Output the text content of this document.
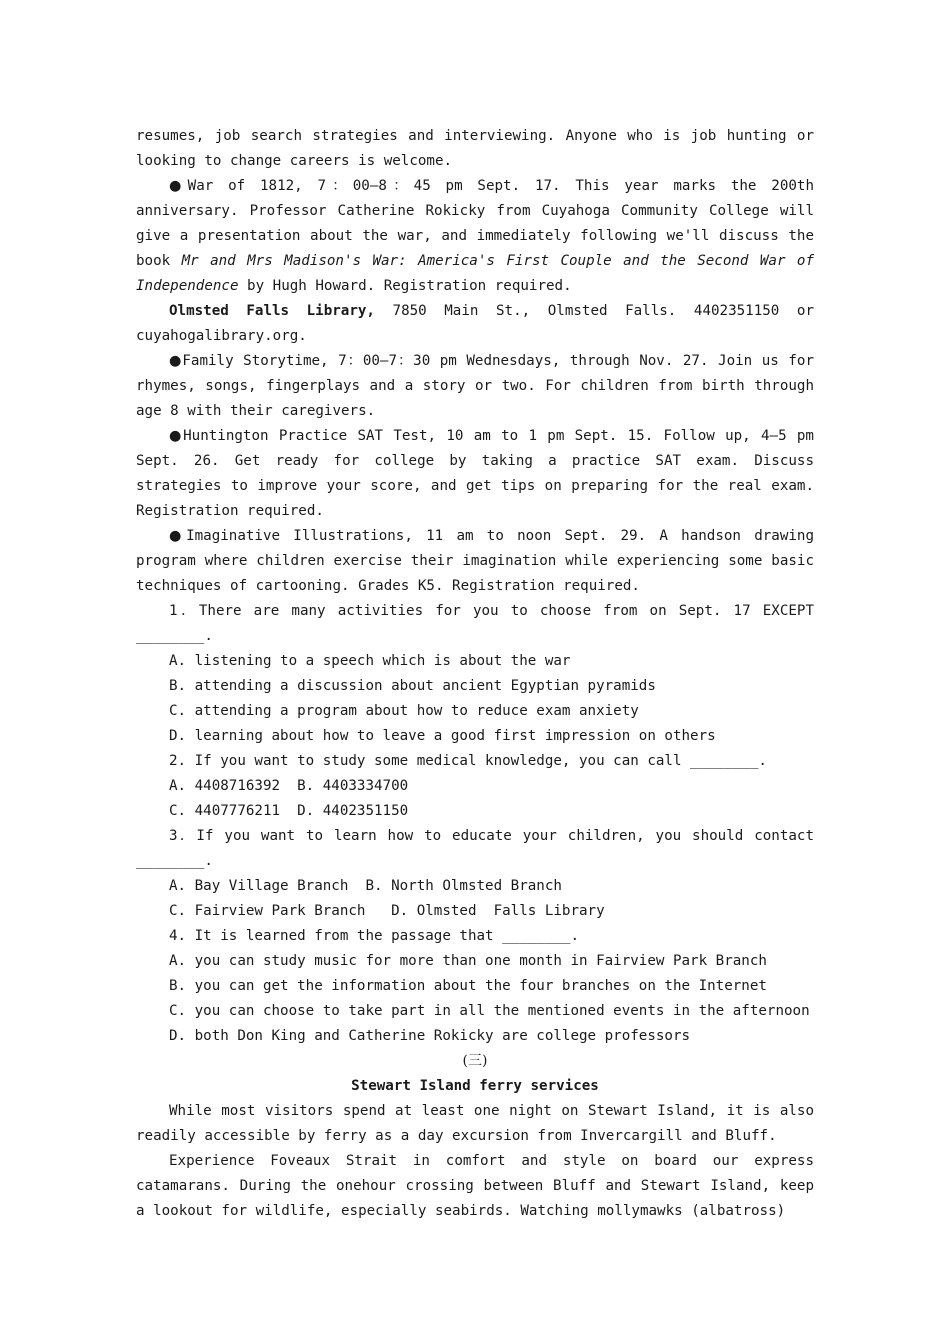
resumes, job search strategies and interviewing. Anyone who is job hunting or looking to change careers is welcome.

●War of 1812, 7：00—8：45 pm Sept. 17. This year marks the 200th anniversary. Professor Catherine Rokicky from Cuyahoga Community College will give a presentation about the war, and immediately following we'll discuss the book Mr and Mrs Madison's War: America's First Couple and the Second War of Independence by Hugh Howard. Registration required.

Olmsted Falls Library, 7850 Main St., Olmsted Falls. 4402351150 or cuyahogalibrary.org.

●Family Storytime, 7：00—7：30 pm Wednesdays, through Nov. 27. Join us for rhymes, songs, fingerplays and a story or two. For children from birth through age 8 with their caregivers.

●Huntington Practice SAT Test, 10 am to 1 pm Sept. 15. Follow up, 4—5 pm Sept. 26. Get ready for college by taking a practice SAT exam. Discuss strategies to improve your score, and get tips on preparing for the real exam. Registration required.

●Imaginative Illustrations, 11 am to noon Sept. 29. A handson drawing program where children exercise their imagination while experiencing some basic techniques of cartooning. Grades K5. Registration required.

1．There are many activities for you to choose from on Sept. 17 EXCEPT ________.

A. listening to a speech which is about the war

B. attending a discussion about ancient Egyptian pyramids

C. attending a program about how to reduce exam anxiety

D. learning about how to leave a good first impression on others

2. If you want to study some medical knowledge, you can call ________.

A. 4408716392  B. 4403334700

C. 4407776211  D. 4402351150

3．If you want to learn how to educate your children, you should contact ________.

A. Bay Village Branch  B. North Olmsted Branch

C. Fairview Park Branch   D. Olmsted  Falls Library

4. It is learned from the passage that ________.

A. you can study music for more than one month in Fairview Park Branch

B. you can get the information about the four branches on the Internet

C. you can choose to take part in all the mentioned events in the afternoon

D. both Don King and Catherine Rokicky are college professors

(三)

Stewart Island ferry services

While most visitors spend at least one night on Stewart Island, it is also readily accessible by ferry as a day excursion from Invercargill and Bluff.

Experience Foveaux Strait in comfort and style on board our express catamarans. During the onehour crossing between Bluff and Stewart Island, keep a lookout for wildlife, especially seabirds. Watching mollymawks (albatross)
